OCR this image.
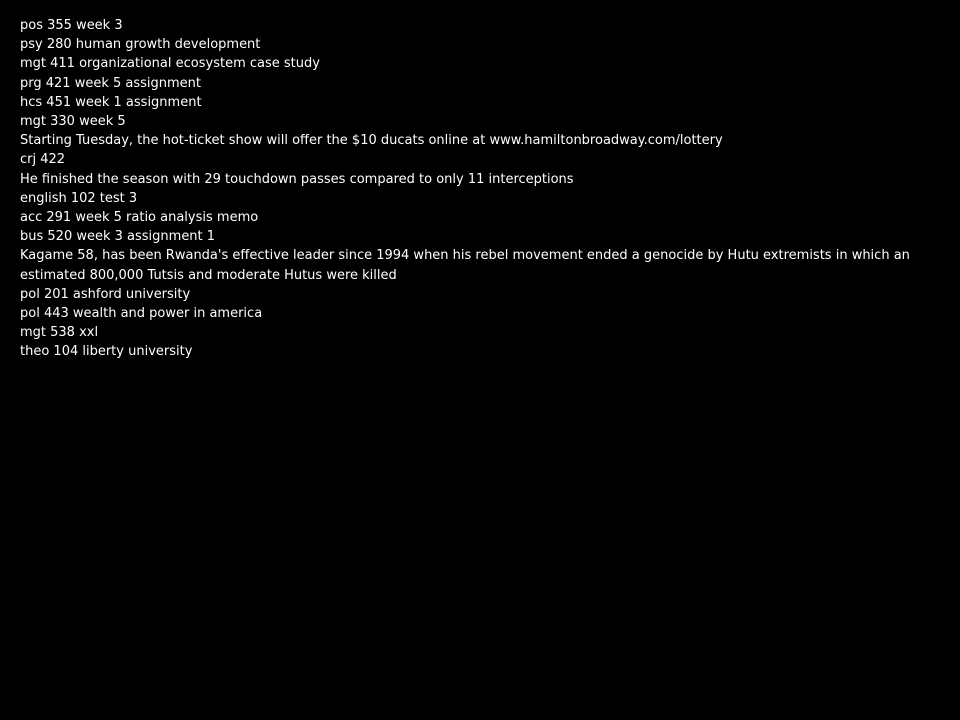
pos 355 week 3
psy 280 human growth development
mgt 411 organizational ecosystem case study
prg 421 week 5 assignment
hcs 451 week 1 assignment
mgt 330 week 5
Starting Tuesday, the hot-ticket show will offer the $10 ducats online at www.hamiltonbroadway.com/lottery
crj 422
He finished the season with 29 touchdown passes compared to only 11 interceptions
english 102 test 3
acc 291 week 5 ratio analysis memo
bus 520 week 3 assignment 1
Kagame 58, has been Rwanda's effective leader since 1994 when his rebel movement ended a genocide by Hutu extremists in which an estimated 800,000 Tutsis and moderate Hutus were killed
pol 201 ashford university
pol 443 wealth and power in america
mgt 538 xxl
theo 104 liberty university
